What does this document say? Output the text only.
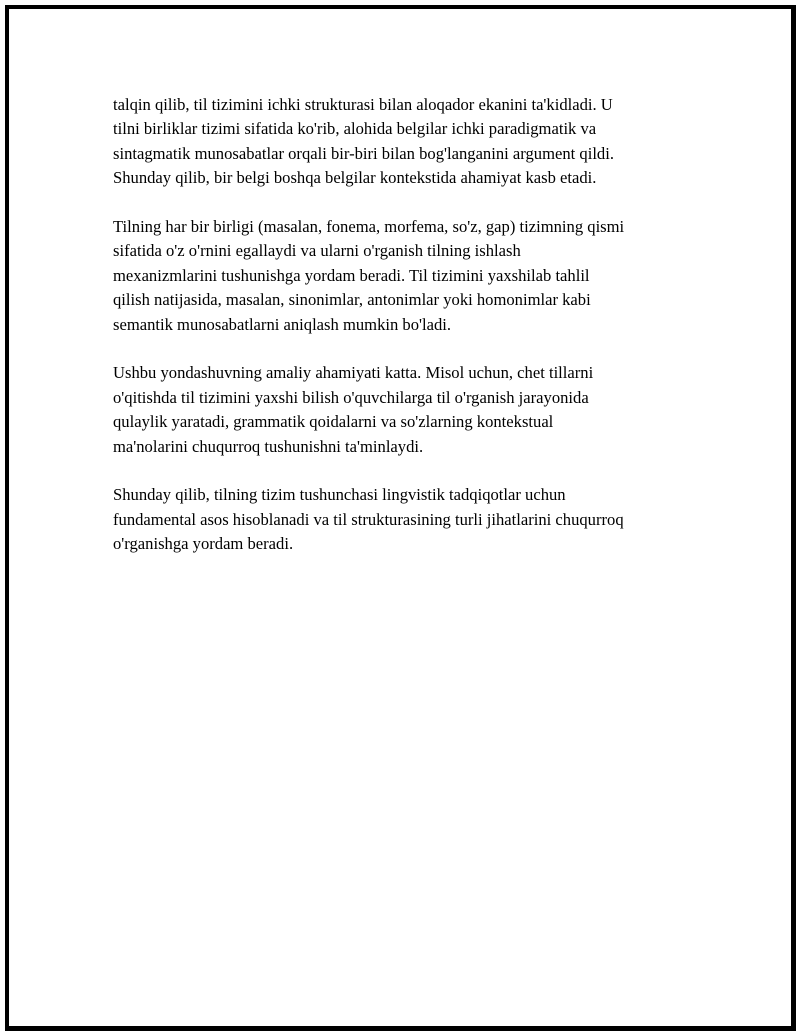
talqin qilib, til tizimini ichki strukturasi bilan aloqador ekanini ta'kidladi. U
tilni birliklar tizimi sifatida ko'rib, alohida belgilar ichki paradigmatik va
sintagmatik munosabatlar orqali bir-biri bilan bog'langanini argument qildi.
Shunday qilib, bir belgi boshqa belgilar kontekstida ahamiyat kasb etadi.

Tilning har bir birligi (masalan, fonema, morfema, so'z, gap) tizimning qismi
sifatida o'z o'rnini egallaydi va ularni o'rganish tilning ishlash
mexanizmlarini tushunishga yordam beradi. Til tizimini yaxshilab tahlil
qilish natijasida, masalan, sinonimlar, antonimlar yoki homonimlar kabi
semantik munosabatlarni aniqlash mumkin bo'ladi.

Ushbu yondashuvning amaliy ahamiyati katta. Misol uchun, chet tillarni
o'qitishda til tizimini yaxshi bilish o'quvchilarga til o'rganish jarayonida
qulaylik yaratadi, grammatik qoidalarni va so'zlarning kontekstual
ma'nolarini chuqurroq tushunishni ta'minlaydi.

Shunday qilib, tilning tizim tushunchasi lingvistik tadqiqotlar uchun
fundamental asos hisoblanadi va til strukturasining turli jihatlarini chuqurroq
o'rganishga yordam beradi.
